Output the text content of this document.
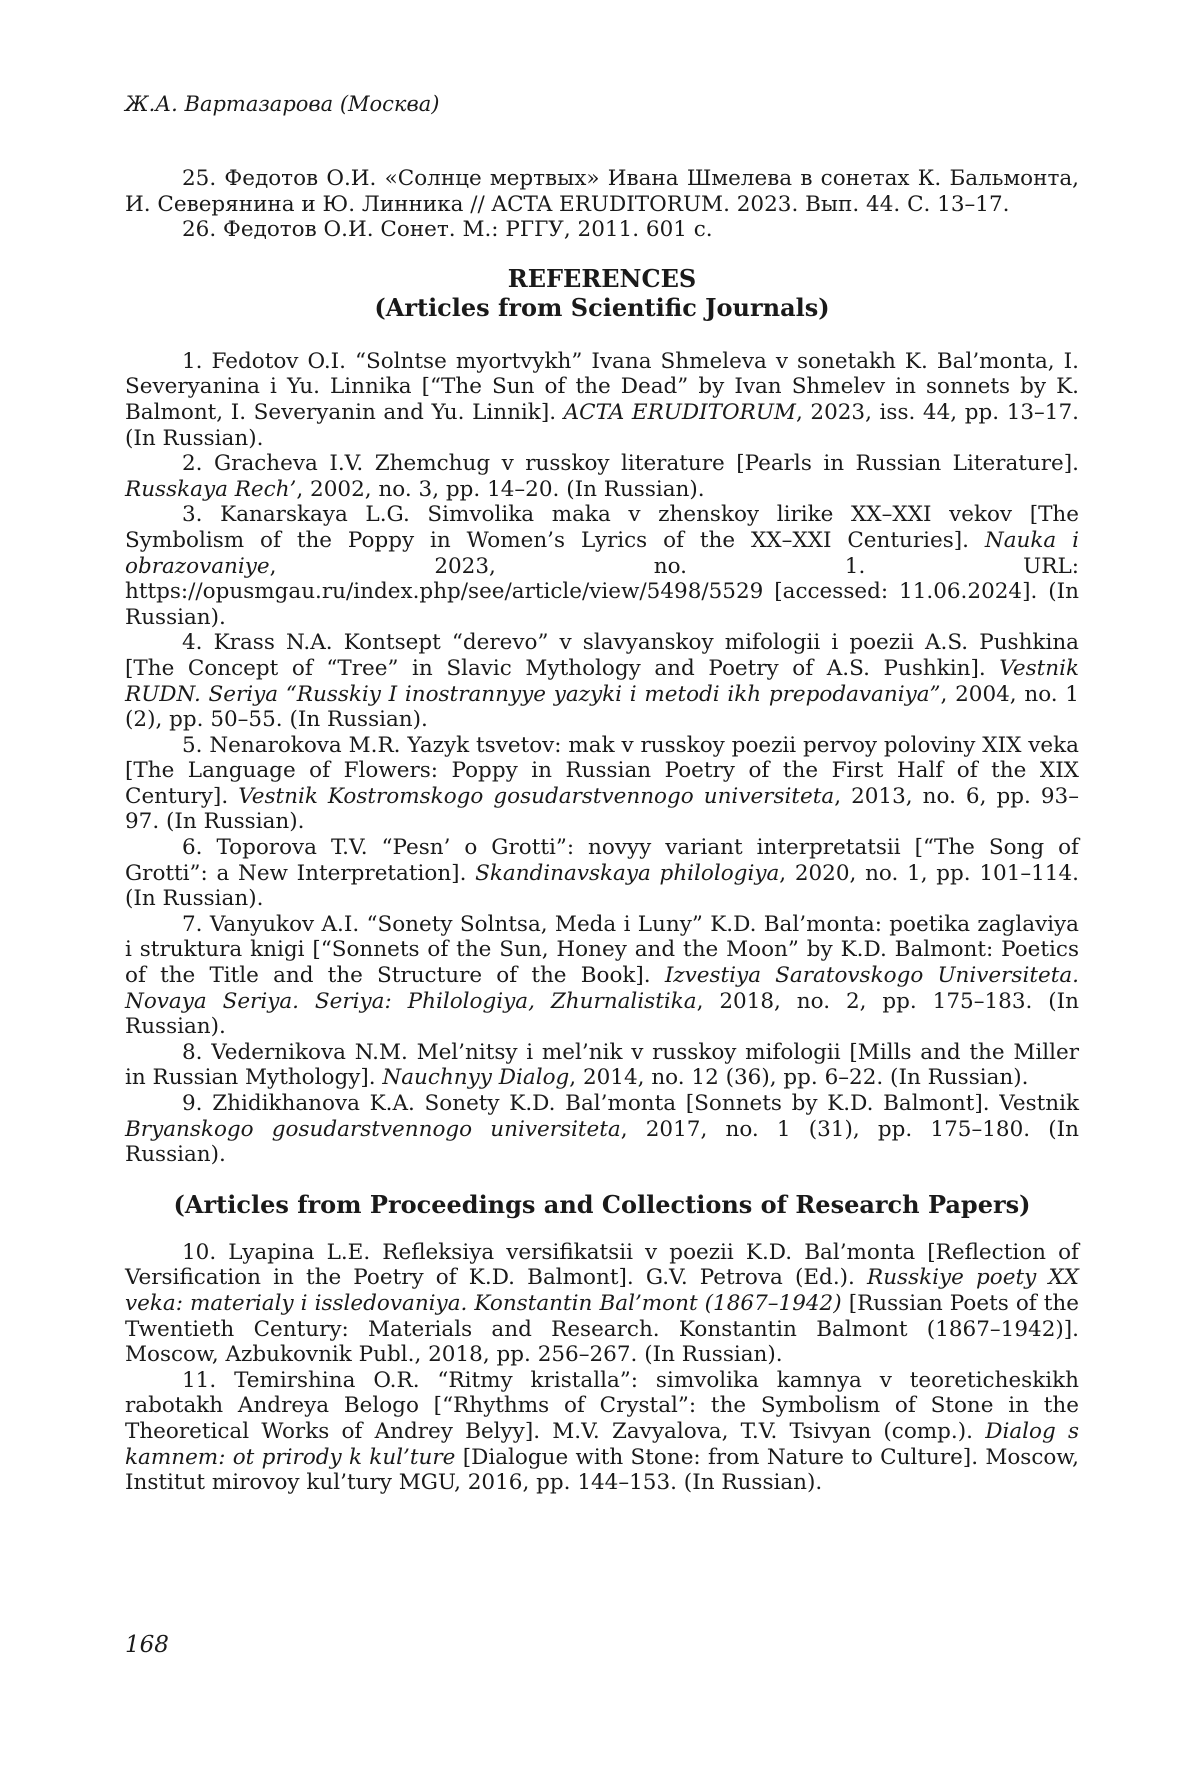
Ж.А. Вартазарова (Москва)

25. Федотов О.И. «Солнце мертвых» Ивана Шмелева в сонетах К. Бальмонта, И. Северянина и Ю. Линника // ACTA ERUDITORUM. 2023. Вып. 44. С. 13–17.

26. Федотов О.И. Сонет. М.: РГГУ, 2011. 601 с.

REFERENCES
(Articles from Scientific Journals)

1. Fedotov O.I. “Solntse myortvykh” Ivana Shmeleva v sonetakh K. Bal’monta, I. Severyanina i Yu. Linnika [“The Sun of the Dead” by Ivan Shmelev in sonnets by K. Balmont, I. Severyanin and Yu. Linnik]. ACTA ERUDITORUM, 2023, iss. 44, pp. 13–17. (In Russian).

2. Gracheva I.V. Zhemchug v russkoy literature [Pearls in Russian Literature]. Russkaya Rech’, 2002, no. 3, pp. 14–20. (In Russian).

3. Kanarskaya L.G. Simvolika maka v zhenskoy lirike XX–XXI vekov [The Symbolism of the Poppy in Women’s Lyrics of the XX–XXI Centuries]. Nauka i obrazovaniye, 2023, no. 1. URL: https://opusmgau.ru/index.php/see/article/view/5498/5529 [accessed: 11.06.2024]. (In Russian).

4. Krass N.A. Kontsept “derevo” v slavyanskoy mifologii i poezii A.S. Pushkina [The Concept of “Tree” in Slavic Mythology and Poetry of A.S. Pushkin]. Vestnik RUDN. Seriya “Russkiy I inostrannyye yazyki i metodi ikh prepodavaniya”, 2004, no. 1 (2), pp. 50–55. (In Russian).

5. Nenarokova M.R. Yazyk tsvetov: mak v russkoy poezii pervoy poloviny XIX veka [The Language of Flowers: Poppy in Russian Poetry of the First Half of the XIX Century]. Vestnik Kostromskogo gosudarstvennogo universiteta, 2013, no. 6, pp. 93–97. (In Russian).

6. Toporova T.V. “Pesn’ o Grotti”: novyy variant interpretatsii [“The Song of Grotti”: a New Interpretation]. Skandinavskaya philologiya, 2020, no. 1, pp. 101–114. (In Russian).

7. Vanyukov A.I. “Sonety Solntsa, Meda i Luny” K.D. Bal’monta: poetika zaglaviya i struktura knigi [“Sonnets of the Sun, Honey and the Moon” by K.D. Balmont: Poetics of the Title and the Structure of the Book]. Izvestiya Saratovskogo Universiteta. Novaya Seriya. Seriya: Philologiya, Zhurnalistika, 2018, no. 2, pp. 175–183. (In Russian).

8. Vedernikova N.M. Mel’nitsy i mel’nik v russkoy mifologii [Mills and the Miller in Russian Mythology]. Nauchnyy Dialog, 2014, no. 12 (36), pp. 6–22. (In Russian).

9. Zhidikhanova K.A. Sonety K.D. Bal’monta [Sonnets by K.D. Balmont]. Vestnik Bryanskogo gosudarstvennogo universiteta, 2017, no. 1 (31), pp. 175–180. (In Russian).

(Articles from Proceedings and Collections of Research Papers)

10. Lyapina L.E. Refleksiya versifikatsii v poezii K.D. Bal’monta [Reflection of Versification in the Poetry of K.D. Balmont]. G.V. Petrova (Ed.). Russkiye poety XX veka: materialy i issledovaniya. Konstantin Bal’mont (1867–1942) [Russian Poets of the Twentieth Century: Materials and Research. Konstantin Balmont (1867–1942)]. Moscow, Azbukovnik Publ., 2018, pp. 256–267. (In Russian).

11. Temirshina O.R. “Ritmy kristalla”: simvolika kamnya v teoreticheskikh rabotakh Andreya Belogo [“Rhythms of Crystal”: the Symbolism of Stone in the Theoretical Works of Andrey Belyy]. M.V. Zavyalova, T.V. Tsivyan (comp.). Dialog s kamnem: ot prirody k kul’ture [Dialogue with Stone: from Nature to Culture]. Moscow, Institut mirovoy kul’tury MGU, 2016, pp. 144–153. (In Russian).

168
